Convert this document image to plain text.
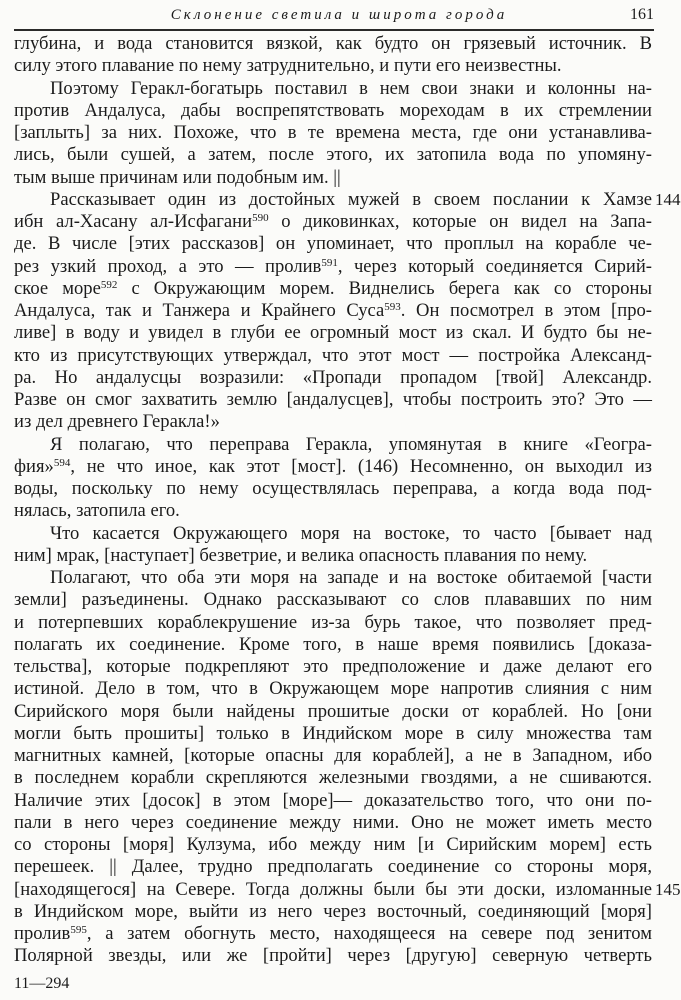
Склонение светила и широта города	161
глубина, и вода становится вязкой, как будто он грязевый источник. В
силу этого плавание по нему затруднительно, и пути его неизвестны.
Поэтому Геракл-богатырь поставил в нем свои знаки и колонны на-
против Андалуса, дабы воспрепятствовать мореходам в их стремлении
[заплыть] за них. Похоже, что в те времена места, где они устанавлива-
лись, были сушей, а затем, после этого, их затопила вода по упомяну-
тым выше причинам или подобным им. ||
Рассказывает один из достойных мужей в своем послании к Хамзе
ибн ал-Хасану ал-Исфагани$^{590}$ о диковинках, которые он видел на Запа-
де. В числе [этих рассказов] он упоминает, что проплыл на корабле че-
рез узкий проход, а это — пролив$^{591}$, через который соединяется Сирий-
ское море$^{592}$ с Окружающим морем. Виднелись берега как со стороны
Андалуса, так и Танжера и Крайнего Суса$^{593}$. Он посмотрел в этом [про-
ливе] в воду и увидел в глуби ее огромный мост из скал. И будто бы не-
кто из присутствующих утверждал, что этот мост — постройка Александ-
ра. Но андалусцы возразили: «Пропади пропадом [твой] Александр.
Разве он смог захватить землю [андалусцев], чтобы построить это? Это —
из дел древнего Геракла!»
Я полагаю, что переправа Геракла, упомянутая в книге «Геогра-
фия»$^{594}$, не что иное, как этот [мост]. (146) Несомненно, он выходил из
воды, поскольку по нему осуществлялась переправа, а когда вода под-
нялась, затопила его.
Что касается Окружающего моря на востоке, то часто [бывает над
ним] мрак, [наступает] безветрие, и велика опасность плавания по нему.
Полагают, что оба эти моря на западе и на востоке обитаемой [части
земли] разъединены. Однако рассказывают со слов плававших по ним
и потерпевших кораблекрушение из-за бурь такое, что позволяет пред-
полагать их соединение. Кроме того, в наше время появились [доказа-
тельства], которые подкрепляют это предположение и даже делают его
истиной. Дело в том, что в Окружающем море напротив слияния с ним
Сирийского моря были найдены прошитые доски от кораблей. Но [они
могли быть прошиты] только в Индийском море в силу множества там
магнитных камней, [которые опасны для кораблей], а не в Западном, ибо
в последнем корабли скрепляются железными гвоздями, а не сшиваются.
Наличие этих [досок] в этом [море]— доказательство того, что они по-
пали в него через соединение между ними. Оно не может иметь место
со стороны [моря] Кулзума, ибо между ним [и Сирийским морем] есть
перешеек. || Далее, трудно предполагать соединение со стороны моря,
[находящегося] на Севере. Тогда должны были бы эти доски, изломанные
в Индийском море, выйти из него через восточный, соединяющий [моря]
пролив$^{595}$, а затем обогнуть место, находящееся на севере под зенитом
Полярной звезды, или же [пройти] через [другую] северную четверть
11—294
144
145
